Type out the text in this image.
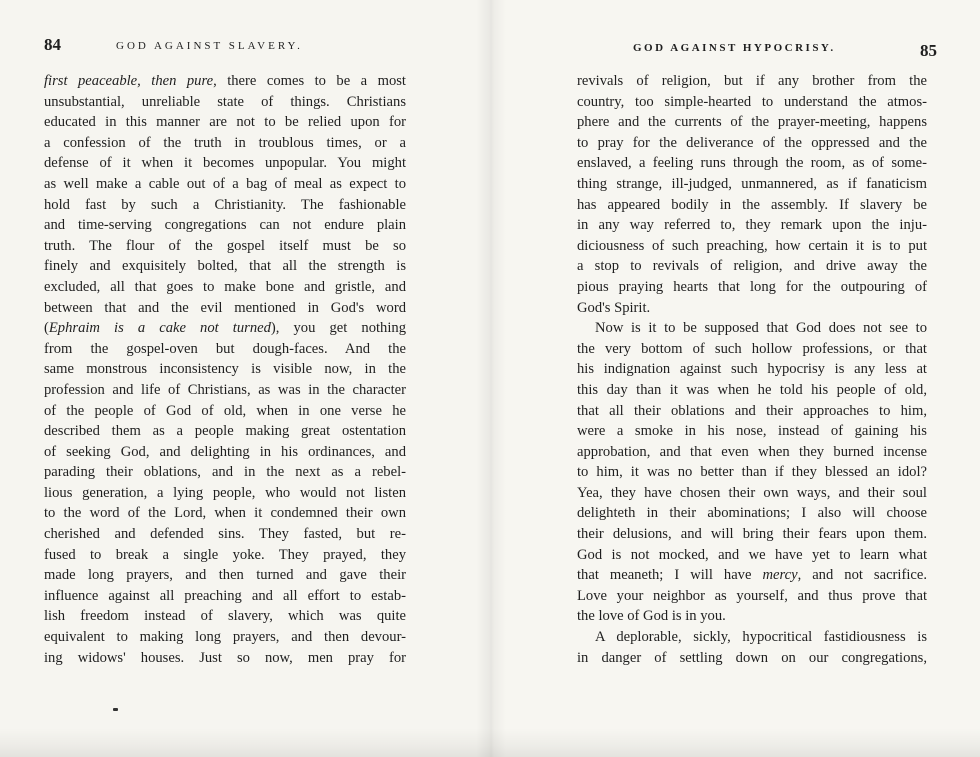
84	GOD AGAINST SLAVERY.
first peaceable, then pure, there comes to be a most
unsubstantial, unreliable state of things. Christians
educated in this manner are not to be relied upon for
a confession of the truth in troublous times, or a
defense of it when it becomes unpopular. You might
as well make a cable out of a bag of meal as expect to
hold fast by such a Christianity. The fashionable
and time-serving congregations can not endure plain
truth. The flour of the gospel itself must be so
finely and exquisitely bolted, that all the strength is
excluded, all that goes to make bone and gristle, and
between that and the evil mentioned in God's word
(Ephraim is a cake not turned), you get nothing
from the gospel-oven but dough-faces. And the
same monstrous inconsistency is visible now, in the
profession and life of Christians, as was in the character
of the people of God of old, when in one verse he
described them as a people making great ostentation
of seeking God, and delighting in his ordinances, and
parading their oblations, and in the next as a rebel-
lious generation, a lying people, who would not listen
to the word of the Lord, when it condemned their own
cherished and defended sins. They fasted, but re-
fused to break a single yoke. They prayed, they
made long prayers, and then turned and gave their
influence against all preaching and all effort to estab-
lish freedom instead of slavery, which was quite
equivalent to making long prayers, and then devour-
ing widows' houses. Just so now, men pray for
GOD AGAINST HYPOCRISY.	85
revivals of religion, but if any brother from the
country, too simple-hearted to understand the atmos-
phere and the currents of the prayer-meeting, happens
to pray for the deliverance of the oppressed and the
enslaved, a feeling runs through the room, as of some-
thing strange, ill-judged, unmannered, as if fanaticism
has appeared bodily in the assembly. If slavery be
in any way referred to, they remark upon the inju-
diciousness of such preaching, how certain it is to put
a stop to revivals of religion, and drive away the
pious praying hearts that long for the outpouring of
God's Spirit.
Now is it to be supposed that God does not see to
the very bottom of such hollow professions, or that
his indignation against such hypocrisy is any less at
this day than it was when he told his people of old,
that all their oblations and their approaches to him,
were a smoke in his nose, instead of gaining his
approbation, and that even when they burned incense
to him, it was no better than if they blessed an idol?
Yea, they have chosen their own ways, and their soul
delighteth in their abominations; I also will choose
their delusions, and will bring their fears upon them.
God is not mocked, and we have yet to learn what
that meaneth; I will have mercy, and not sacrifice.
Love your neighbor as yourself, and thus prove that
the love of God is in you.
A deplorable, sickly, hypocritical fastidiousness is
in danger of settling down on our congregations,
